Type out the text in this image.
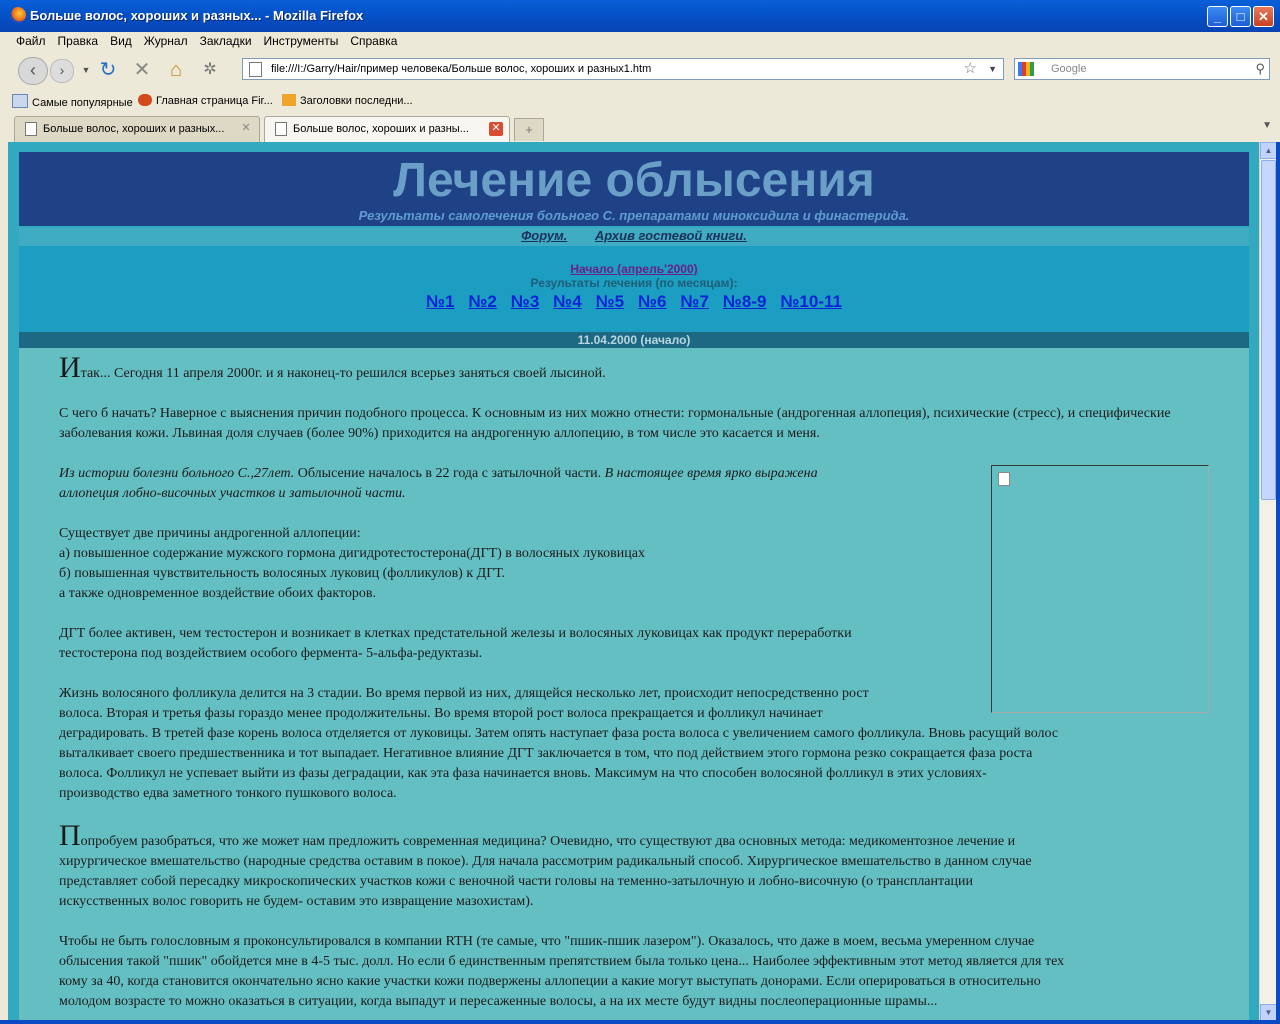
Больше волос, хороших и разных... - Mozilla Firefox	_	□	✕
Файл Правка Вид Журнал Закладки Инструменты Справка
‹	›	▼ ↻ ✕ ⌂	✲	file:///I:/Garry/Hair/пример человека/Больше волос, хороших и разных1.htm	☆ ▼	Google	⚲
Самые популярные	Главная страница Fir...	Заголовки последни...
Больше волос, хороших и разных... ✕	Больше волос, хороших и разны... ✕	+	▼
Лечение облысения
Результаты самолечения больного С. препаратами миноксидила и финастерида.
Форум. Архив гостевой книги.
Начало (апрель'2000)
Результаты лечения (по месяцам):
№1 №2 №3 №4 №5 №6 №7 №8-9 №10-11
11.04.2000 (начало)

Итак... Сегодня 11 апреля 2000г. и я наконец-то решился всерьез заняться своей лысиной.

С чего б начать? Наверное с выяснения причин подобного процесса. К основным из них можно отнести: гормональные (андрогенная аллопеция), психические (стресс), и специфические заболевания кожи. Львиная доля случаев (более 90%) приходится на андрогенную аллопецию, в том числе это касается и меня.

Из истории болезни больного С.,27лет. Облысение началось в 22 года с затылочной части. В настоящее время ярко выражена
аллопеция лобно-височных участков и затылочной части.

Существует две причины андрогенной аллопеции:
а) повышенное содержание мужского гормона дигидротестостерона(ДГТ) в волосяных луковицах
б) повышенная чувствительность волосяных луковиц (фолликулов) к ДГТ.
а также одновременное воздействие обоих факторов.

ДГТ более активен, чем тестостерон и возникает в клетках предстательной железы и волосяных луковицах как продукт переработки
тестостерона под воздействием особого фермента- 5-альфа-редуктазы.

Жизнь волосяного фолликула делится на 3 стадии. Во время первой из них, длящейся несколько лет, происходит непосредственно рост
волоса. Вторая и третья фазы гораздо менее продолжительны. Во время второй рост волоса прекращается и фолликул начинает
деградировать. В третей фазе корень волоса отделяется от луковицы. Затем опять наступает фаза роста волоса с увеличением самого фолликула. Вновь расущий волос
выталкивает своего предшественника и тот выпадает. Негативное влияние ДГТ заключается в том, что под действием этого гормона резко сокращается фаза роста
волоса. Фолликул не успевает выйти из фазы деградации, как эта фаза начинается вновь. Максимум на что способен волосяной фолликул в этих условиях-
производство едва заметного тонкого пушкового волоса.

Попробуем разобраться, что же может нам предложить современная медицина? Очевидно, что существуют два основных метода: медикоментозное лечение и
хирургическое вмешательство (народные средства оставим в покое). Для начала рассмотрим радикальный способ. Хирургическое вмешательство в данном случае
представляет собой пересадку микроскопических участков кожи с веночной части головы на теменно-затылочную и лобно-височную (о трансплантации
искусственных волос говорить не будем- оставим это извращение мазохистам).

Чтобы не быть голословным я проконсультировался в компании RTH (те самые, что "пшик-пшик лазером"). Оказалось, что даже в моем, весьма умеренном случае
облысения такой "пшик" обойдется мне в 4-5 тыс. долл. Но если б единственным препятствием была только цена... Наиболее эффективным этот метод является для тех
кому за 40, когда становится окончательно ясно какие участки кожи подвержены аллопеции а какие могут выступать донорами. Если оперироваться в относительно
молодом возрасте то можно оказаться в ситуации, когда выпадут и пересаженные волосы, а на их месте будут видны послеоперационные шрамы...

▲
▼
